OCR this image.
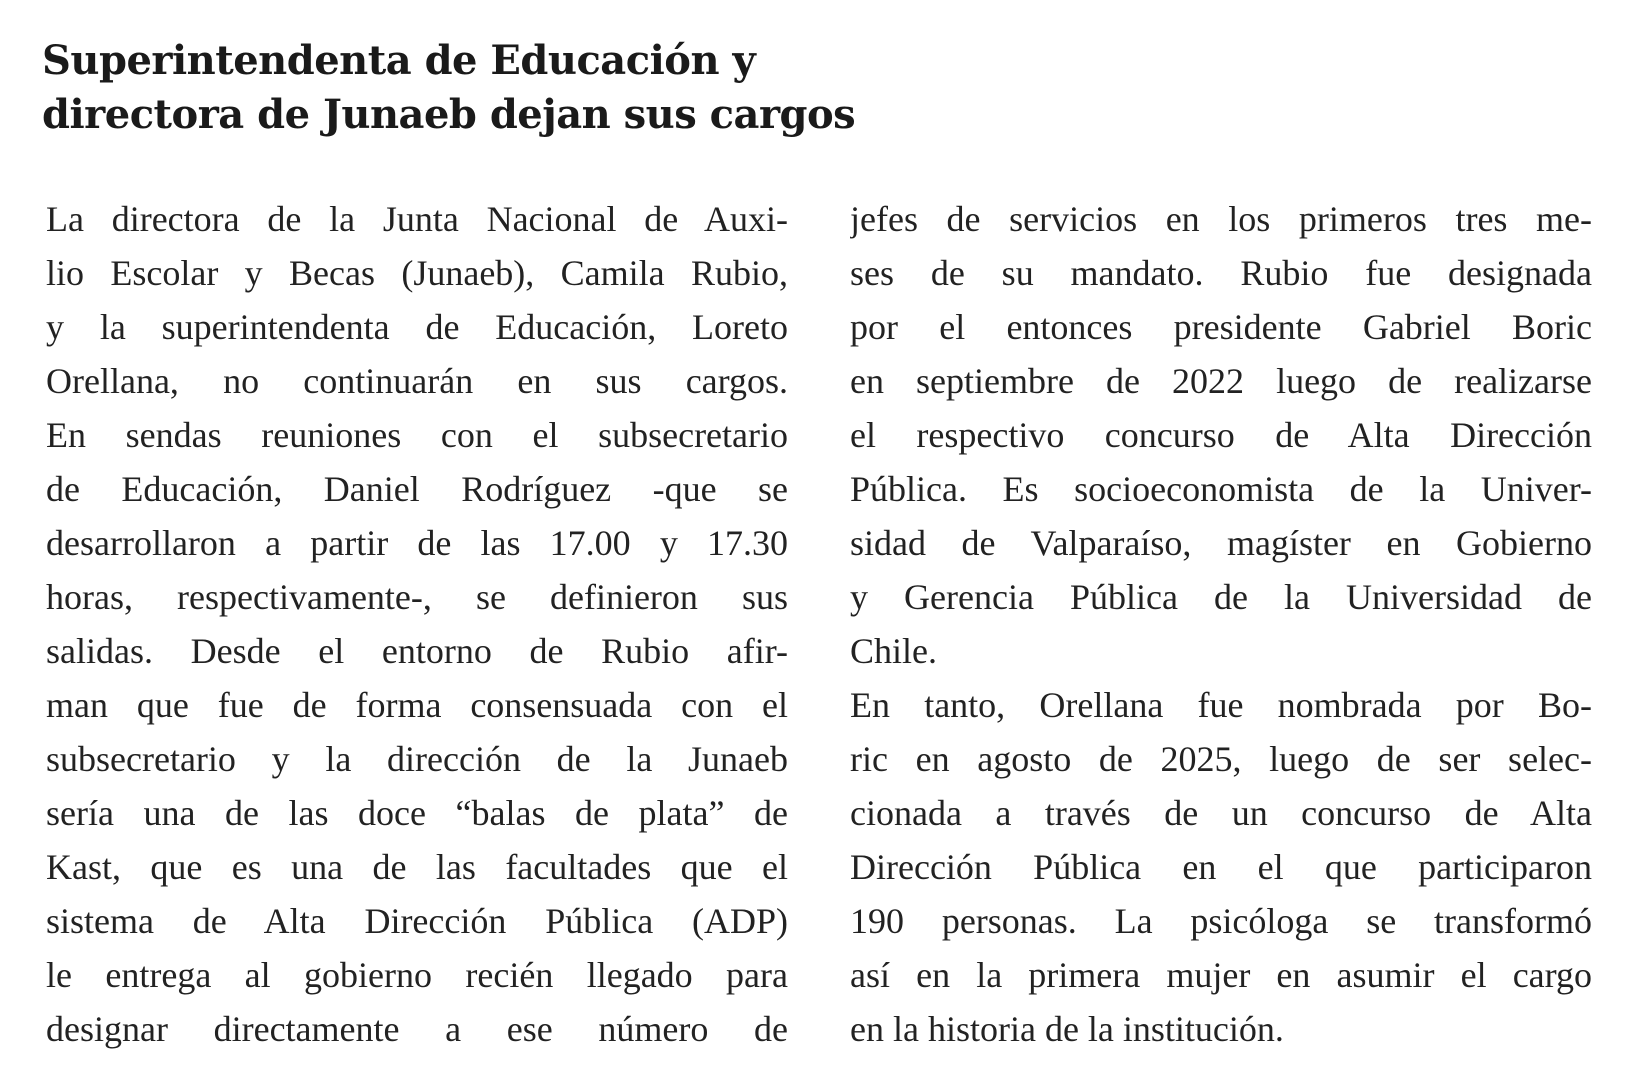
Superintendenta de Educación y
directora de Junaeb dejan sus cargos
La directora de la Junta Nacional de Auxi-
lio Escolar y Becas (Junaeb), Camila Rubio,
y la superintendenta de Educación, Loreto
Orellana, no continuarán en sus cargos.
En sendas reuniones con el subsecretario
de Educación, Daniel Rodríguez -que se
desarrollaron a partir de las 17.00 y 17.30
horas, respectivamente-, se definieron sus
salidas. Desde el entorno de Rubio afir-
man que fue de forma consensuada con el
subsecretario y la dirección de la Junaeb
sería una de las doce “balas de plata” de
Kast, que es una de las facultades que el
sistema de Alta Dirección Pública (ADP)
le entrega al gobierno recién llegado para
designar directamente a ese número de
jefes de servicios en los primeros tres me-
ses de su mandato. Rubio fue designada
por el entonces presidente Gabriel Boric
en septiembre de 2022 luego de realizarse
el respectivo concurso de Alta Dirección
Pública. Es socioeconomista de la Univer-
sidad de Valparaíso, magíster en Gobierno
y Gerencia Pública de la Universidad de
Chile.
En tanto, Orellana fue nombrada por Bo-
ric en agosto de 2025, luego de ser selec-
cionada a través de un concurso de Alta
Dirección Pública en el que participaron
190 personas. La psicóloga se transformó
así en la primera mujer en asumir el cargo
en la historia de la institución.
